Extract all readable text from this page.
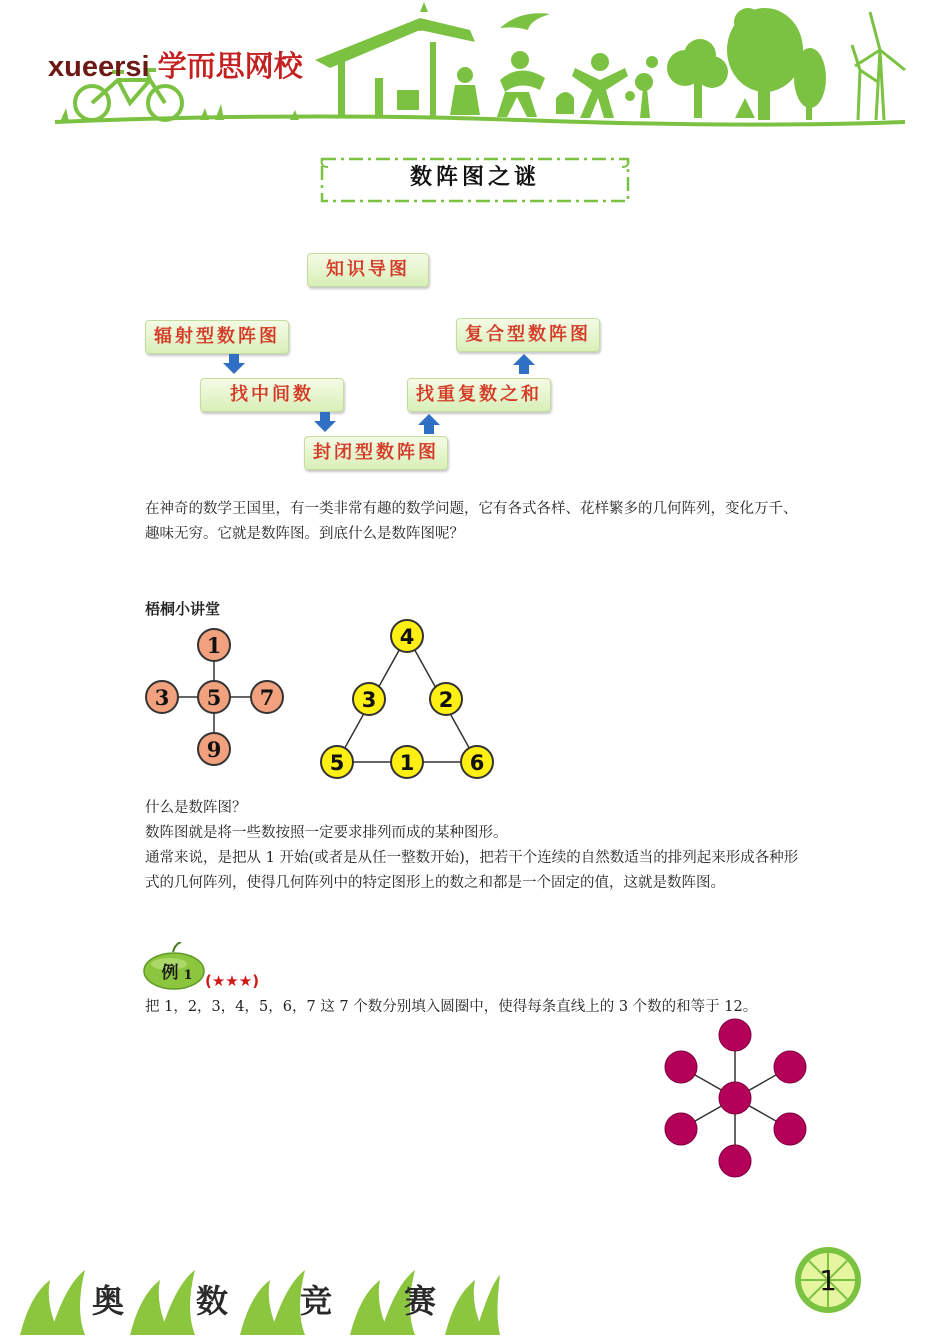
xueersi 学而思网校
数阵图之谜
知识导图
辐射型数阵图
找中间数
封闭型数阵图
找重复数之和
复合型数阵图

在神奇的数学王国里，有一类非常有趣的数学问题，它有各式各样、花样繁多的几何阵列，变化万千、趣味无穷。它就是数阵图。到底什么是数阵图呢？

梧桐小讲堂
1
3 5 7
9
4
3	2
5	1	6

什么是数阵图？

数阵图就是将一些数按照一定要求排列而成的某种图形。

通常来说，是把从 1 开始(或者是从任一整数开始)，把若干个连续的自然数适当的排列起来形成各种形式的几何阵列，使得几何阵列中的特定图形上的数之和都是一个固定的值，这就是数阵图。

例 1 (★★★)

把 1，2，3，4，5，6，7 这 7 个数分别填入圆圈中，使得每条直线上的 3 个数的和等于 12。

奥 数 竞 赛
1
